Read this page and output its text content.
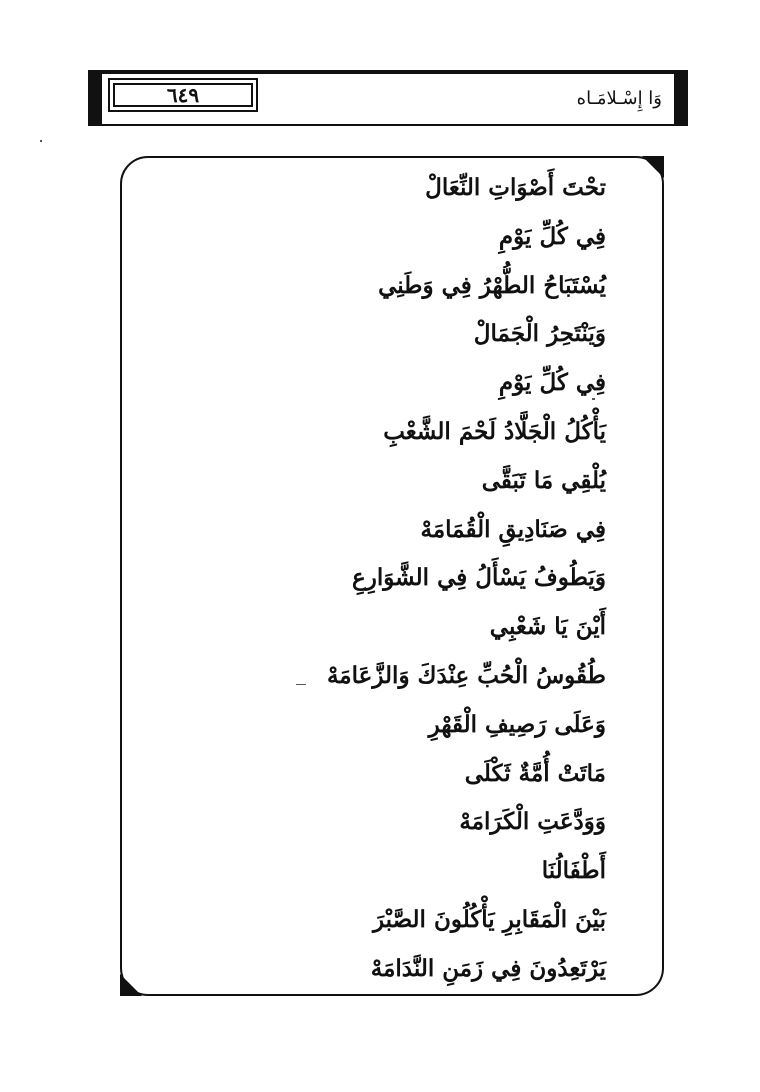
٦٤٩	وَا إِسْـلامَـاه
تحْتَ أَصْوَاتِ النِّعَالْ
فِي كُلِّ يَوْمِ
يُسْتَبَاحُ الطُّهْرُ فِي وَطَنِي
وَيَنْتَحِرُ الْجَمَالْ
فِي كُلِّ يَوْمِ
يَأْكُلُ الْجَلَّادُ لَحْمَ الشَّعْبِ
يُلْقِي مَا تَبَقَّى
فِي صَنَادِيقِ الْقُمَامَهْ
وَيَطُوفُ يَسْأَلُ فِي الشَّوَارِعِ
أَيْنَ يَا شَعْبِي
طُقُوسُ الْحُبِّ عِنْدَكَ وَالزَّعَامَهْ
وَعَلَى رَصِيفِ الْقَهْرِ
مَاتَتْ أُمَّةٌ ثَكْلَى
وَوَدَّعَتِ الْكَرَامَهْ
أَطْفَالُنَا
بَيْنَ الْمَقَابِرِ يَأْكُلُونَ الصَّبْرَ
يَرْتَعِدُونَ فِي زَمَنِ النَّدَامَهْ
